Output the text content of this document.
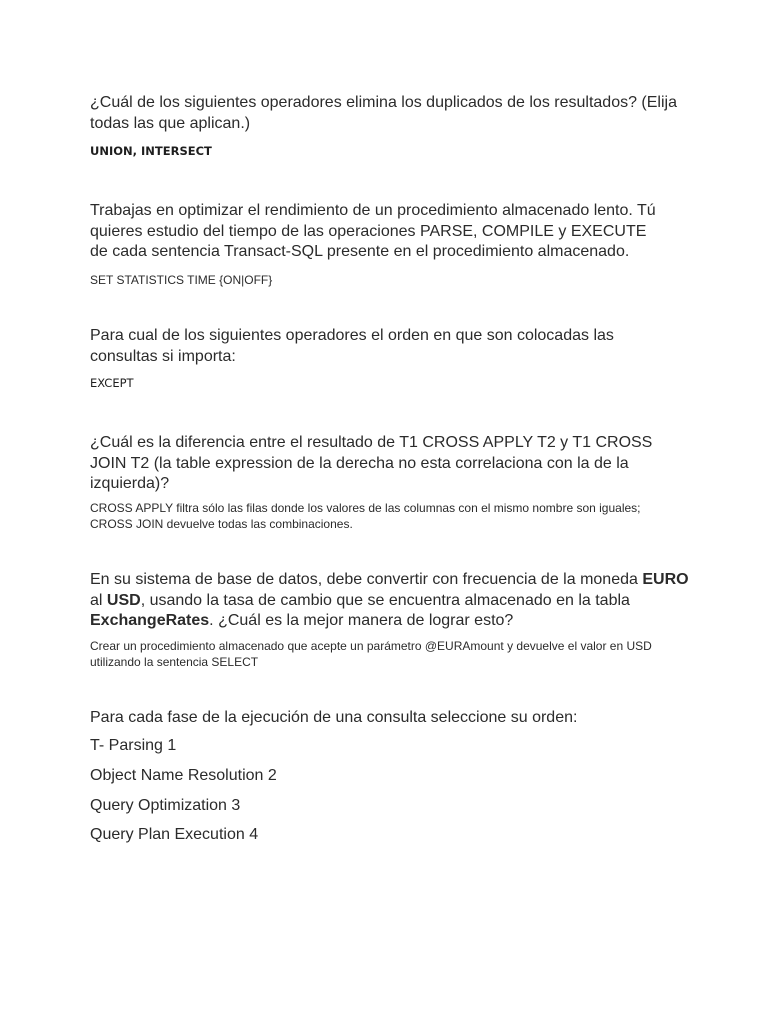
¿Cuál de los siguientes operadores elimina los duplicados de los resultados? (Elija todas las que aplican.)

UNION, INTERSECT

Trabajas en optimizar el rendimiento de un procedimiento almacenado lento. Tú quieres estudio del tiempo de las operaciones PARSE, COMPILE y EXECUTE de cada sentencia Transact-SQL presente en el procedimiento almacenado.

SET STATISTICS TIME {ON|OFF}

Para cual de los siguientes operadores el orden en que son colocadas las consultas si importa:

EXCEPT

¿Cuál es la diferencia entre el resultado de T1 CROSS APPLY T2 y T1 CROSS JOIN T2 (la table expression de la derecha no esta correlaciona con la de la izquierda)?

CROSS APPLY filtra sólo las filas donde los valores de las columnas con el mismo nombre son iguales; CROSS JOIN devuelve todas las combinaciones.

En su sistema de base de datos, debe convertir con frecuencia de la moneda EURO al USD, usando la tasa de cambio que se encuentra almacenado en la tabla ExchangeRates. ¿Cuál es la mejor manera de lograr esto?

Crear un procedimiento almacenado que acepte un parámetro @EURAmount y devuelve el valor en USD utilizando la sentencia SELECT

Para cada fase de la ejecución de una consulta seleccione su orden:

T- Parsing 1
Object Name Resolution 2
Query Optimization 3
Query Plan Execution 4
